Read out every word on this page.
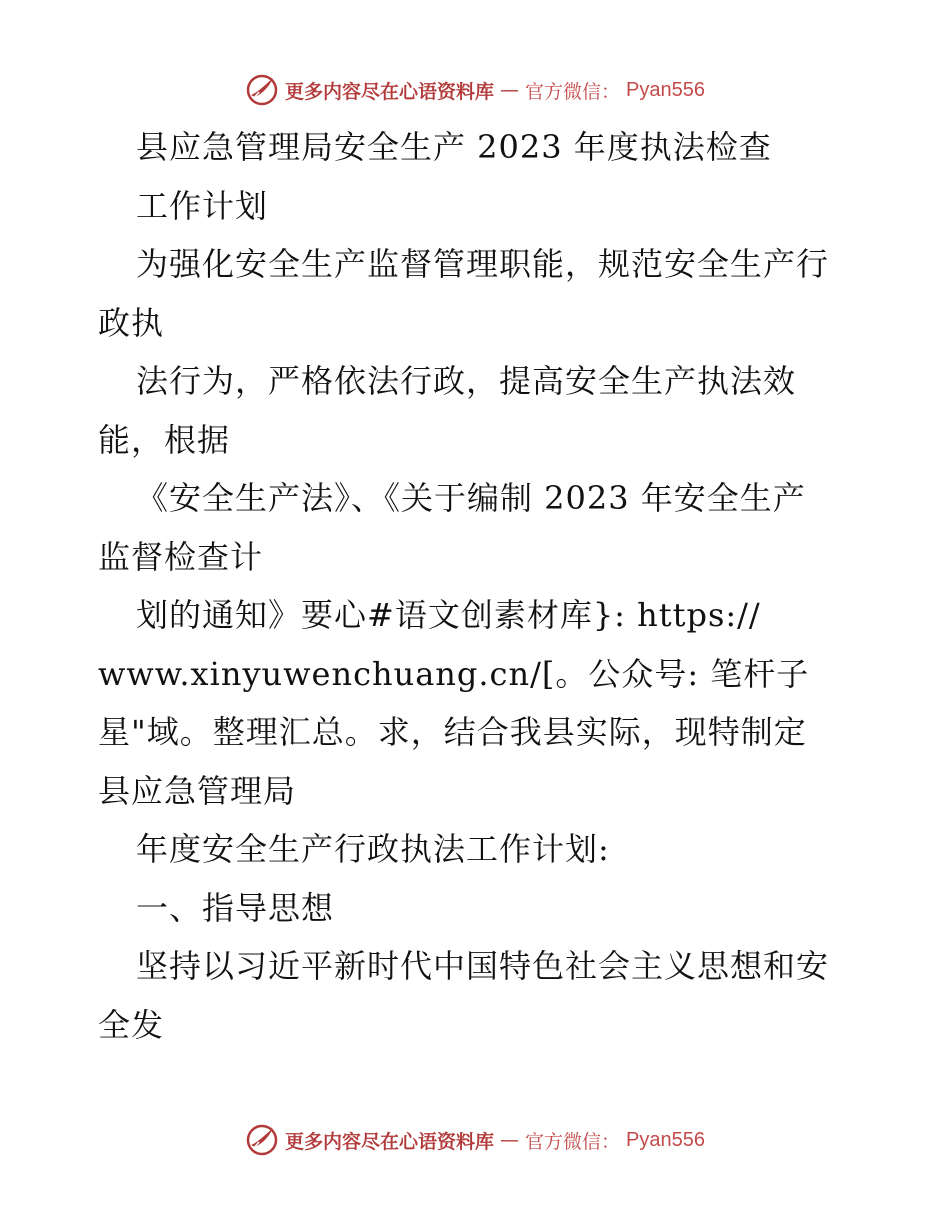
更多内容尽在心语资料库 — 官方微信： Pyan556
县应急管理局安全生产 2023 年度执法检查
工作计划
为强化安全生产监督管理职能，规范安全生产行
政执
法行为，严格依法行政，提高安全生产执法效
能，根据
《安全生产法》、《关于编制 2023 年安全生产
监督检查计
划的通知》要心#语文创素材库}: https://
www.xinyuwenchuang.cn/[。公众号: 笔杆子
星"域。整理汇总。求，结合我县实际，现特制定
县应急管理局
年度安全生产行政执法工作计划:
一、指导思想
坚持以习近平新时代中国特色社会主义思想和安
全发
更多内容尽在心语资料库 — 官方微信： Pyan556
